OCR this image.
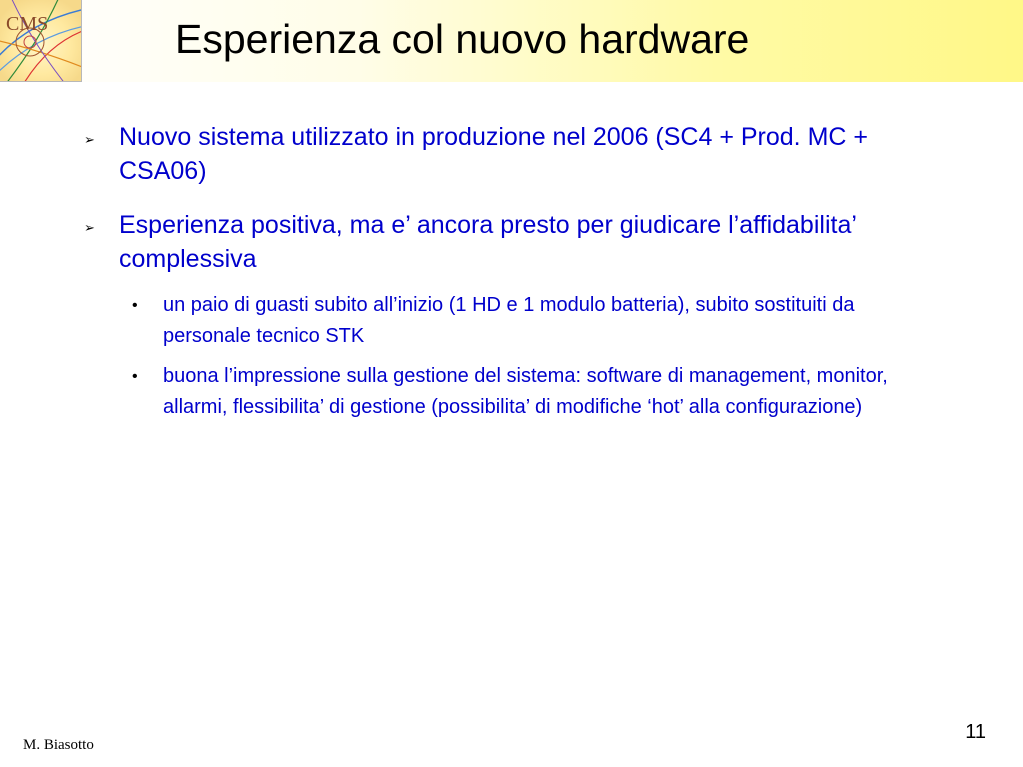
CMS	Esperienza col nuovo hardware
➢ Nuovo sistema utilizzato in produzione nel 2006 (SC4 + Prod. MC + CSA06)
➢ Esperienza positiva, ma e’ ancora presto per giudicare l’affidabilita’ complessiva
• un paio di guasti subito all’inizio (1 HD e 1 modulo batteria), subito sostituiti da personale tecnico STK
• buona l’impressione sulla gestione del sistema: software di management, monitor, allarmi, flessibilita’ di gestione (possibilita’ di modifiche ‘hot’ alla configurazione)
M. Biasotto
11
